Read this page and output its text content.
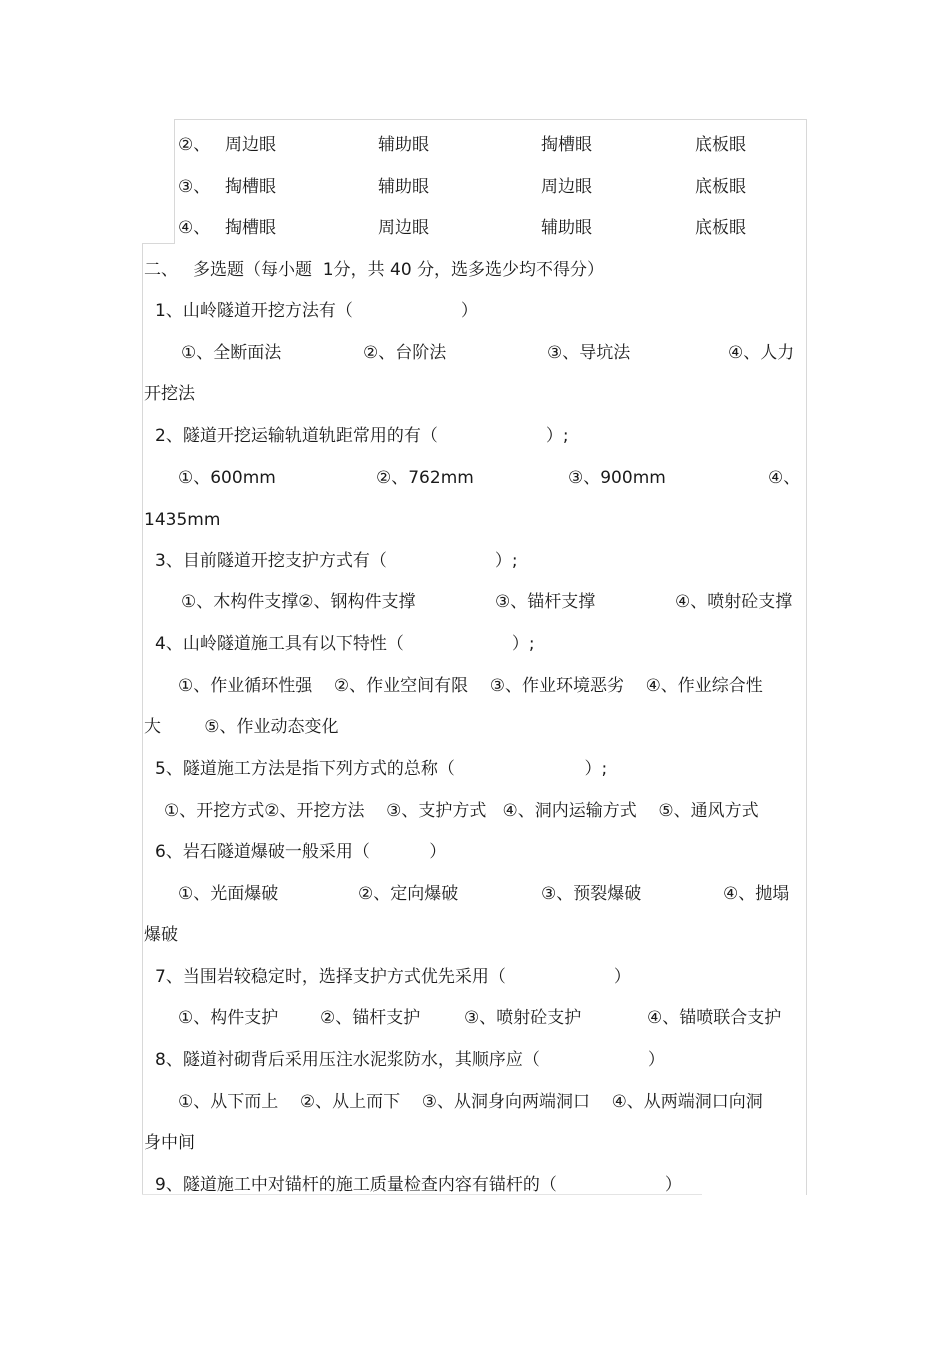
②、 周边眼	辅助眼	掏槽眼	底板眼
③、 掏槽眼	辅助眼	周边眼	底板眼
④、 掏槽眼	周边眼	辅助眼	底板眼
二、 多选题（每小题  1分，共 40 分，选多选少均不得分）
1、山岭隧道开挖方法有（                    ）
①、全断面法	②、台阶法	③、导坑法	④、人力
开挖法
2、隧道开挖运输轨道轨距常用的有（                    ）;
①、600mm	②、762mm	③、900mm	④、
1435mm
3、目前隧道开挖支护方式有（                    ）;
①、木构件支撑②、钢构件支撑	③、锚杆支撑	④、喷射砼支撑
4、山岭隧道施工具有以下特性（                    ）;
①、作业循环性强    ②、作业空间有限    ③、作业环境恶劣    ④、作业综合性
大        ⑤、作业动态变化
5、隧道施工方法是指下列方式的总称（                        ）;
①、开挖方式②、开挖方法    ③、支护方式   ④、洞内运输方式    ⑤、通风方式
6、岩石隧道爆破一般采用（           ）
①、光面爆破	②、定向爆破	③、预裂爆破	④、抛塌
爆破
7、当围岩较稳定时，选择支护方式优先采用（                    ）
①、构件支护 ②、锚杆支护	③、喷射砼支护	④、锚喷联合支护
8、隧道衬砌背后采用压注水泥浆防水，其顺序应（                    ）
①、从下而上    ②、从上而下    ③、从洞身向两端洞口    ④、从两端洞口向洞
身中间
9、隧道施工中对锚杆的施工质量检查内容有锚杆的（                    ）
